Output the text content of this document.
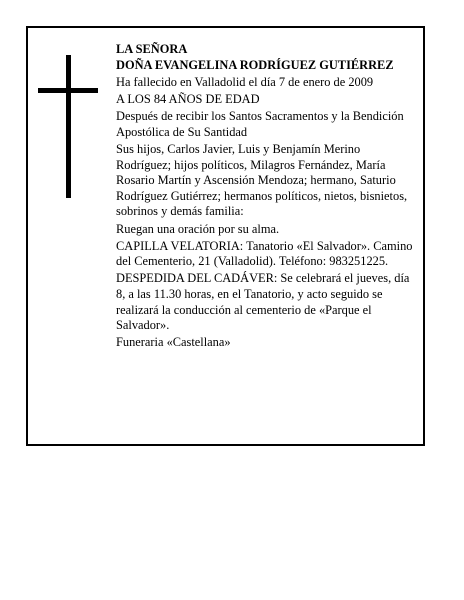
LA SEÑORA
DOÑA EVANGELINA RODRÍGUEZ GUTIÉRREZ

Ha fallecido en Valladolid el día 7 de enero de 2009

A LOS 84 AÑOS DE EDAD

Después de recibir los Santos Sacramentos y la Bendición Apostólica de Su Santidad

Sus hijos, Carlos Javier, Luis y Benjamín Merino Rodríguez; hijos políticos, Milagros Fernández, María Rosario Martín y Ascensión Mendoza; hermano, Saturio Rodríguez Gutiérrez; hermanos políticos, nietos, bisnietos, sobrinos y demás familia:

Ruegan una oración por su alma.

CAPILLA VELATORIA: Tanatorio «El Salvador». Camino del Cementerio, 21 (Valladolid). Teléfono: 983251225.

DESPEDIDA DEL CADÁVER: Se celebrará el jueves, día 8, a las 11.30 horas, en el Tanatorio, y acto seguido se realizará la conducción al cementerio de «Parque el Salvador».

Funeraria «Castellana»
